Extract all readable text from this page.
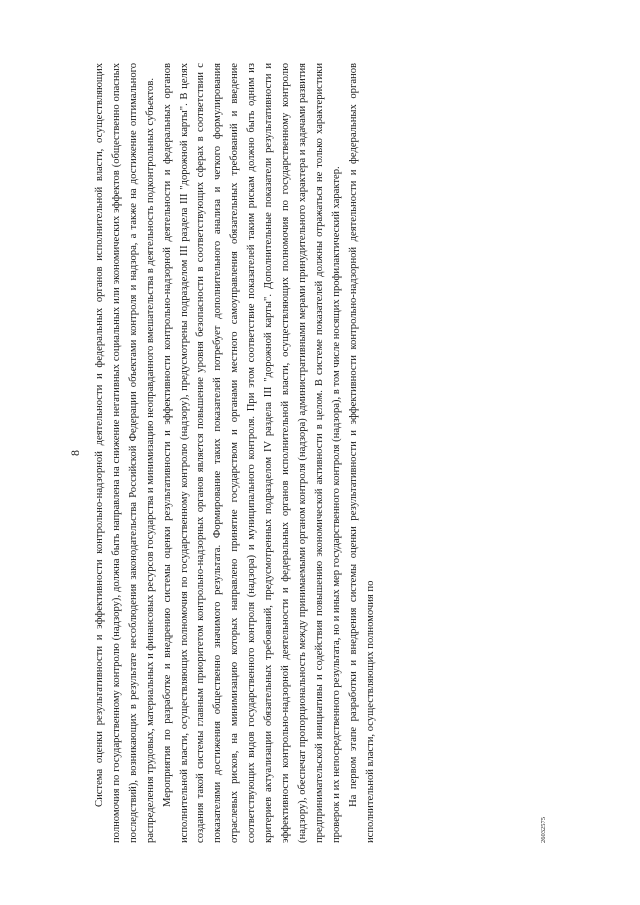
8 Система оценки результативности и эффективности контрольно-надзорной деятельности и федеральных органов исполнительной власти, осуществляющих полномочия по государственному контролю (надзору), должна быть направлена на снижение негативных социальных или экономических эффектов (общественно опасных последствий), возникающих в результате несоблюдения законодательства Российской Федерации объектами контроля и надзора, а также на достижение оптимального распределения трудовых, материальных и финансовых ресурсов государства и минимизацию неоправданного вмешательства в деятельность подконтрольных субъектов. Мероприятия по разработке и внедрению системы оценки результативности и эффективности контрольно-надзорной деятельности и федеральных органов исполнительной власти, осуществляющих полномочия по государственному контролю (надзору), предусмотрены подразделом III раздела III "дорожной карты". В целях создания такой системы главным приоритетом контрольно-надзорных органов является повышение уровня безопасности в соответствующих сферах в соответствии с показателями достижения общественно значимого результата. Формирование таких показателей потребует дополнительного анализа и четкого формулирования отраслевых рисков, на минимизацию которых направлено принятие государством и органами местного самоуправления обязательных требований и введение соответствующих видов государственного контроля (надзора) и муниципального контроля. При этом соответствие показателей таким рискам должно быть одним из критериев актуализации обязательных требований, предусмотренных подразделом IV раздела III "дорожной карты". Дополнительные показатели результативности и эффективности контрольно-надзорной деятельности и федеральных органов исполнительной власти, осуществляющих полномочия по государственному контролю (надзору), обеспечат пропорциональность между принимаемыми органом контроля (надзора) административными мерами принудительного характера и задачами развития предпринимательской инициативы и содействия повышению экономической активности в целом. В системе показателей должны отражаться не только характеристики проверок и их непосредственного результата, но и иных мер государственного контроля (надзора), в том числе носящих профилактический характер. На первом этапе разработки и внедрения системы оценки результативности и эффективности контрольно-надзорной деятельности и федеральных органов исполнительной власти, осуществляющих полномочия по	26032575
